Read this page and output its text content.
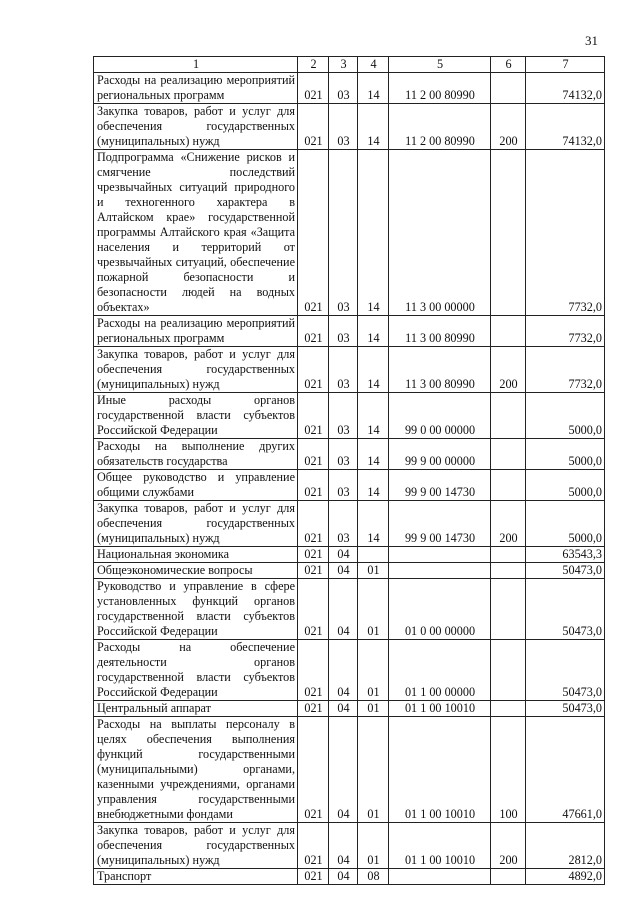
31
1	2	3	4	5	6	7

Расходы на реализацию мероприятий региональных программ	021	03	14	11 2 00 80990		74132,0

Закупка товаров, работ и услуг для обеспечения государственных (муниципальных) нужд	021	03	14	11 2 00 80990	200	74132,0

Подпрограмма «Снижение рисков и смягчение последствий чрезвычайных ситуаций природного и техногенного характера в Алтайском крае» государственной программы Алтайского края «Защита населения и территорий от чрезвычайных ситуаций, обеспечение пожарной безопасности и безопасности людей на водных объектах»	021	03	14	11 3 00 00000		7732,0

Расходы на реализацию мероприятий региональных программ	021	03	14	11 3 00 80990		7732,0

Закупка товаров, работ и услуг для обеспечения государственных (муниципальных) нужд	021	03	14	11 3 00 80990	200	7732,0

Иные расходы органов государственной власти субъектов Российской Федерации	021	03	14	99 0 00 00000		5000,0

Расходы на выполнение других обязательств государства	021	03	14	99 9 00 00000		5000,0

Общее руководство и управление общими службами	021	03	14	99 9 00 14730		5000,0

Закупка товаров, работ и услуг для обеспечения государственных (муниципальных) нужд	021	03	14	99 9 00 14730	200	5000,0

Национальная экономика	021	04				63543,3

Общеэкономические вопросы	021	04	01			50473,0

Руководство и управление в сфере установленных функций органов государственной власти субъектов Российской Федерации	021	04	01	01 0 00 00000		50473,0

Расходы на обеспечение деятельности органов государственной власти субъектов Российской Федерации	021	04	01	01 1 00 00000		50473,0

Центральный аппарат	021	04	01	01 1 00 10010		50473,0

Расходы на выплаты персоналу в целях обеспечения выполнения функций государственными (муниципальными) органами, казенными учреждениями, органами управления государственными внебюджетными фондами	021	04	01	01 1 00 10010	100	47661,0

Закупка товаров, работ и услуг для обеспечения государственных (муниципальных) нужд	021	04	01	01 1 00 10010	200	2812,0

Транспорт	021	04	08			4892,0
